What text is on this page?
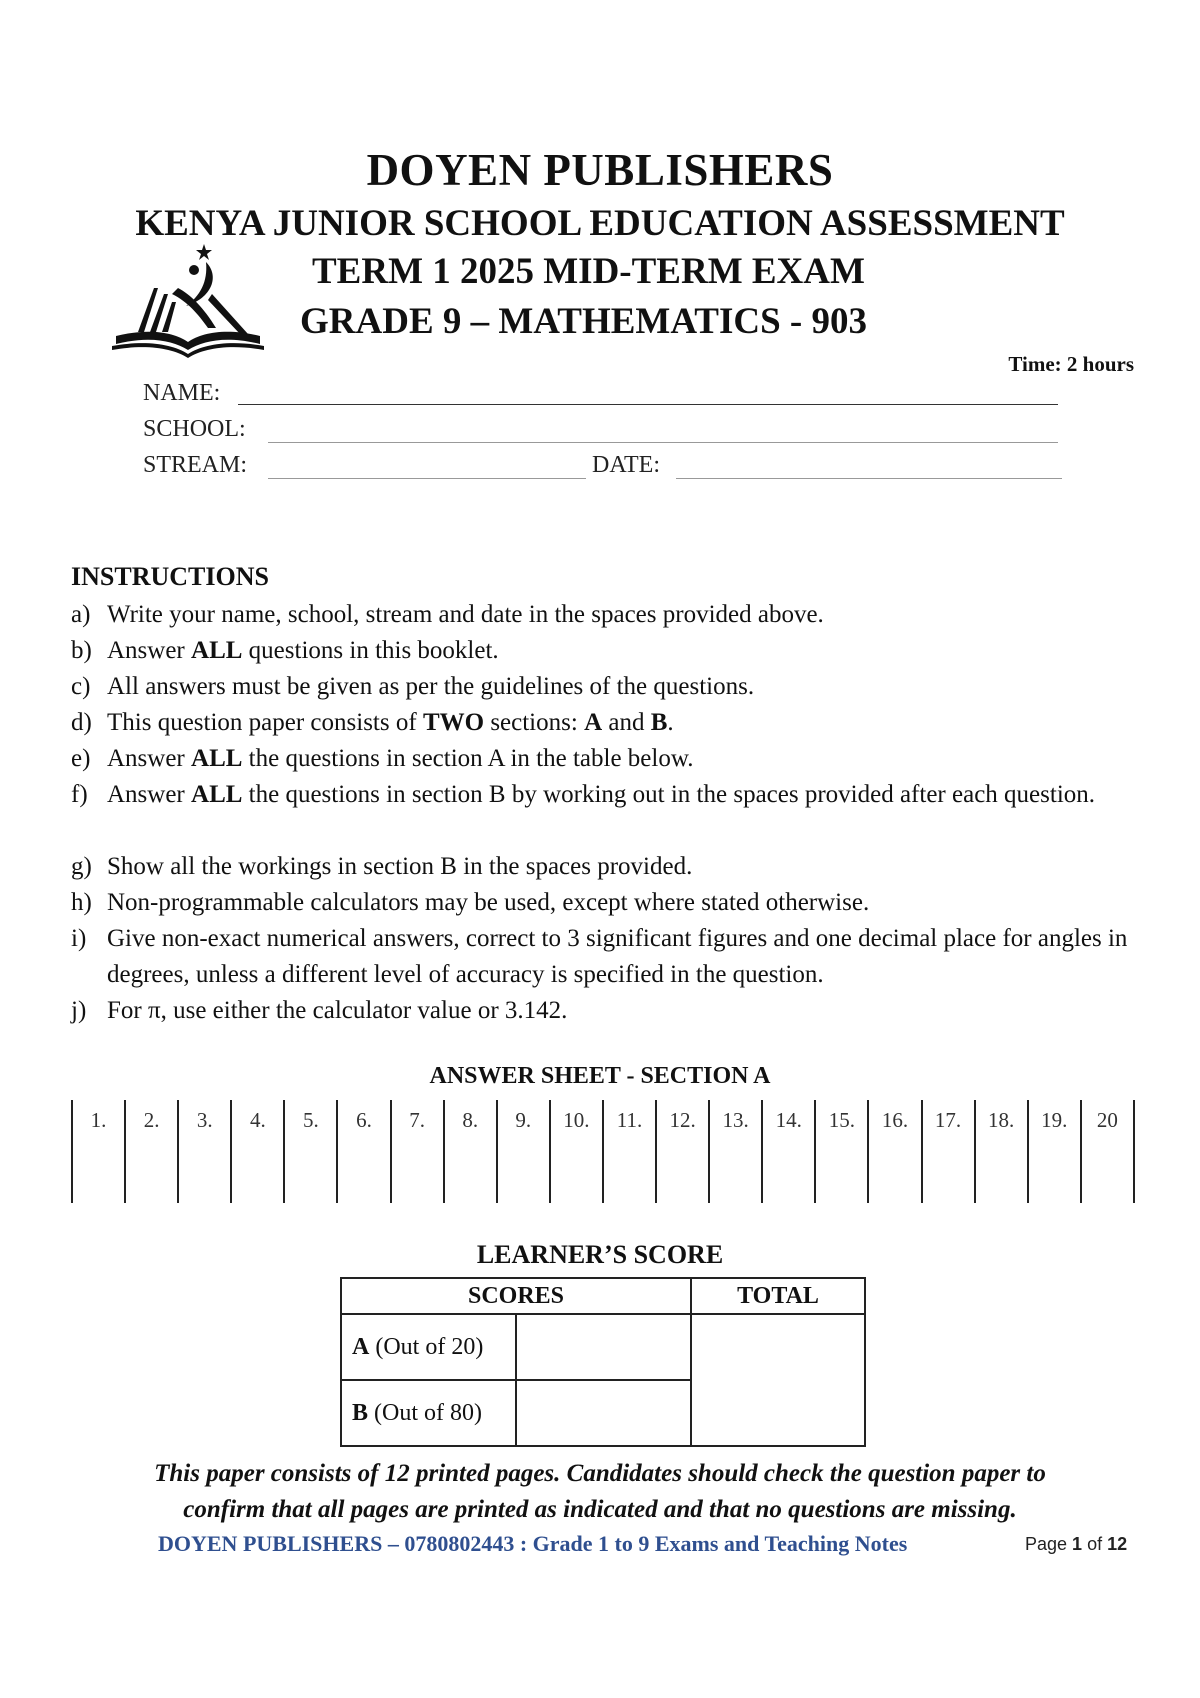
DOYEN PUBLISHERS
KENYA JUNIOR SCHOOL EDUCATION ASSESSMENT
TERM 1 2025 MID-TERM EXAM
GRADE 9 – MATHEMATICS - 903
Time: 2 hours
NAME:
SCHOOL:
STREAM:	DATE:
INSTRUCTIONS
a) Write your name, school, stream and date in the spaces provided above.
b) Answer ALL questions in this booklet.
c) All answers must be given as per the guidelines of the questions.
d) This question paper consists of TWO sections: A and B.
e) Answer ALL the questions in section A in the table below.
f) Answer ALL the questions in section B by working out in the spaces provided after each question.
g) Show all the workings in section B in the spaces provided.
h) Non-programmable calculators may be used, except where stated otherwise.
i) Give non-exact numerical answers, correct to 3 significant figures and one decimal place for angles in degrees, unless a different level of accuracy is specified in the question.
j) For π, use either the calculator value or 3.142.
ANSWER SHEET - SECTION A
1.	2.	3.	4.	5.	6.	7.	8.	9.	10.	11.	12.	13.	14.	15.	16.	17.	18.	19.	20

LEARNER’S SCORE
SCORES		TOTAL
A (Out of 20)		
B (Out of 80)		
This paper consists of 12 printed pages. Candidates should check the question paper to
confirm that all pages are printed as indicated and that no questions are missing.
DOYEN PUBLISHERS – 0780802443 : Grade 1 to 9 Exams and Teaching Notes	Page 1 of 12
